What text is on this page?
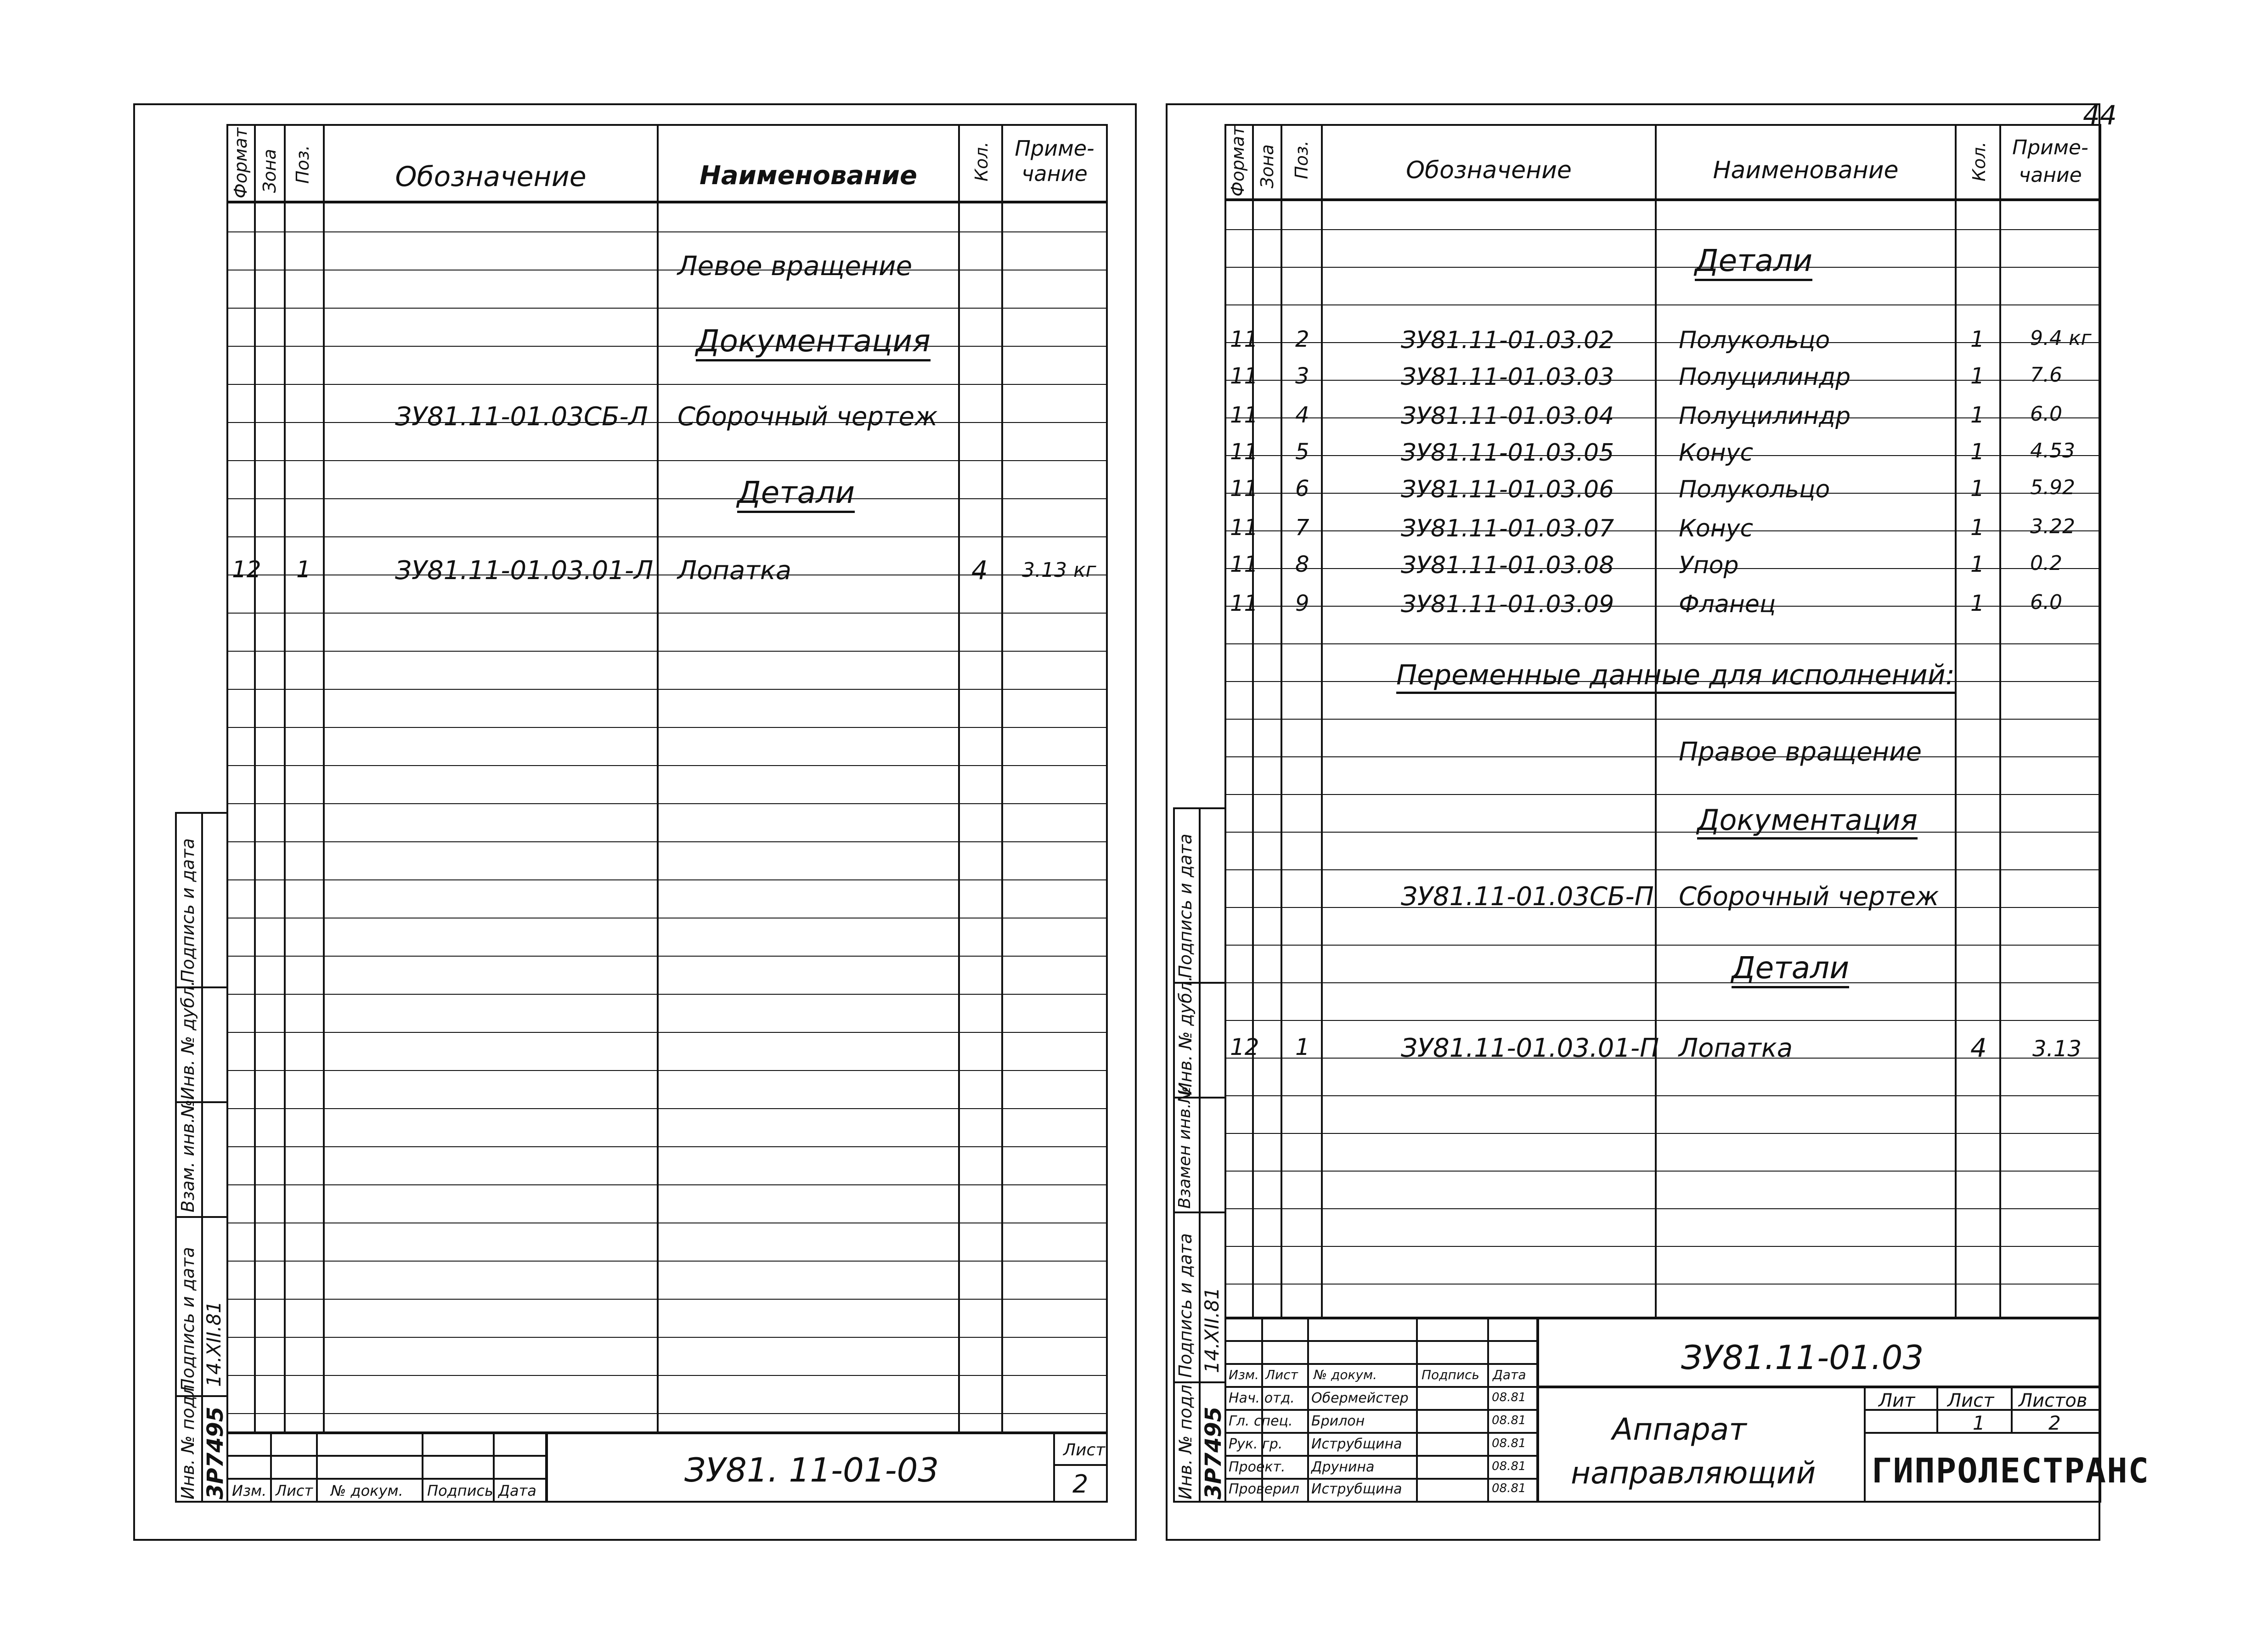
44
Формат Зона Поз.	Обозначение	Наименование	Кол.	Приме-
чание
Левое вращение
Документация
ЗУ81.11-01.03СБ-Л Сборочный чертеж
Детали
12 1	ЗУ81.11-01.03.01-Л Лопатка	4 3.13 кг
Инв. № подл. 3Р7495
Подпись и дата 14.XII.81
Взам. инв.№
Инв. № дубл.
Подпись и дата
ЗУ81. 11-01-03
Лист
2
Изм. Лист № докум. Подпись Дата
Формат Зона Поз.	Обозначение	Наименование	Кол.	Приме-
чание
Детали
11 2	ЗУ81.11-01.03.02	Полукольцо	1 9.4 кг
11 3	ЗУ81.11-01.03.03	Полуцилиндр	1 7.6
11 4	ЗУ81.11-01.03.04	Полуцилиндр	1 6.0
11 5	ЗУ81.11-01.03.05	Конус	1 4.53
11 6	ЗУ81.11-01.03.06	Полукольцо	1 5.92
11 7	ЗУ81.11-01.03.07	Конус	1 3.22
11 8	ЗУ81.11-01.03.08	Упор	1 0.2
11 9	ЗУ81.11-01.03.09	Фланец	1 6.0
Переменные данные для исполнений:
Правое вращение
Документация
ЗУ81.11-01.03СБ-П Сборочный чертеж
Детали
12 1	ЗУ81.11-01.03.01-П Лопатка	4 3.13
Инв. № подл. 3Р7495
Подпись и дата 14.XII.81
Взамен инв.№
Инв. № дубл.
Подпись и дата
ЗУ81.11-01.03
Аппарат
направляющий
Лит Лист Листов
1	2
ГИПРОЛЕСТРАНС
Изм. Лист № докум.	Подпись Дата
Нач. отд. Обермейстер	08.81
Гл. спец. Брилон	08.81
Рук. гр. Иструбщина	08.81
Проект. Друнина	08.81
Проверил Иструбщина	08.81
